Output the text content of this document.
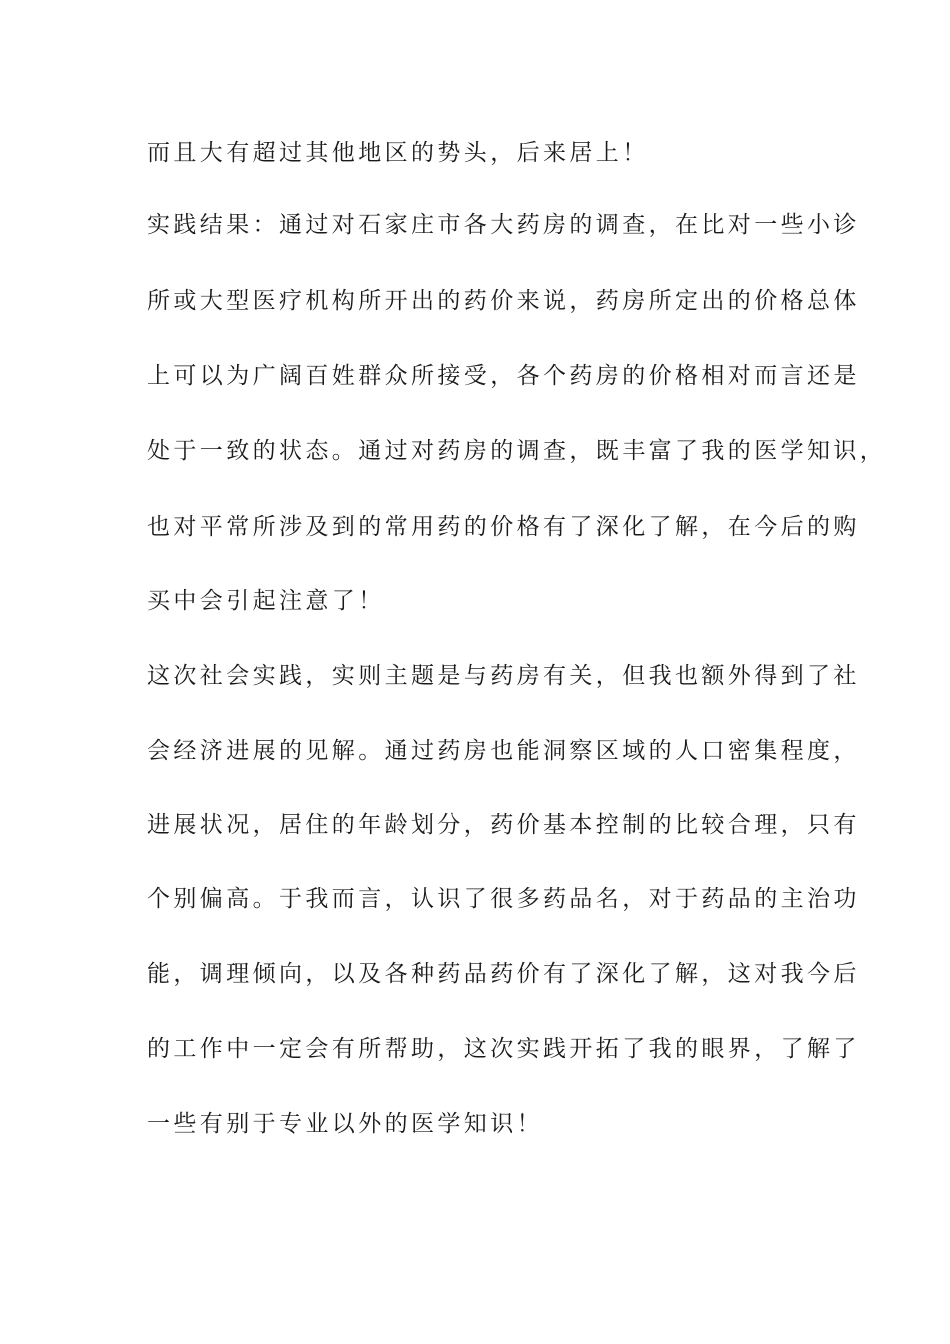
而且大有超过其他地区的势头，后来居上！
实践结果：通过对石家庄市各大药房的调查，在比对一些小诊
所或大型医疗机构所开出的药价来说，药房所定出的价格总体
上可以为广阔百姓群众所接受，各个药房的价格相对而言还是
处于一致的状态。通过对药房的调查，既丰富了我的医学知识，
也对平常所涉及到的常用药的价格有了深化了解，在今后的购
买中会引起注意了！
这次社会实践，实则主题是与药房有关，但我也额外得到了社
会经济进展的见解。通过药房也能洞察区域的人口密集程度，
进展状况，居住的年龄划分，药价基本控制的比较合理，只有
个别偏高。于我而言，认识了很多药品名，对于药品的主治功
能，调理倾向，以及各种药品药价有了深化了解，这对我今后
的工作中一定会有所帮助，这次实践开拓了我的眼界，了解了
一些有别于专业以外的医学知识！
